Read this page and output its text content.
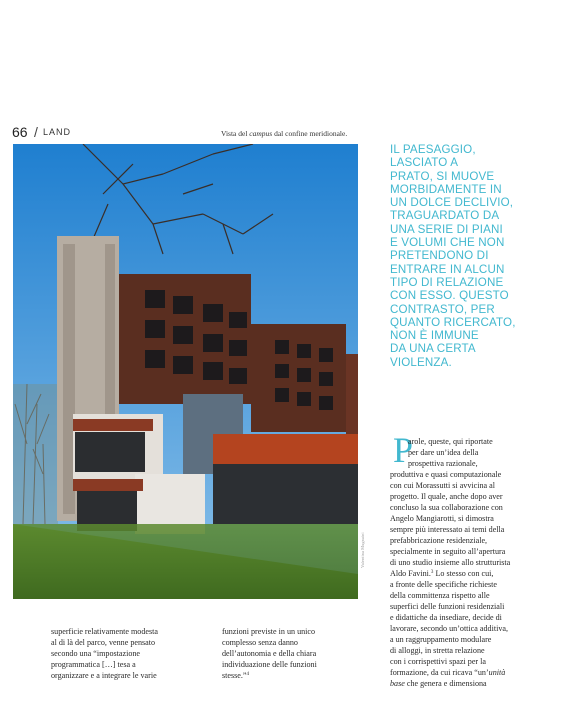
66 / LAND	Vista del campus dal confine meridionale.
Valentina Mugnaini
IL PAESAGGIO,
LASCIATO A
PRATO, SI MUOVE
MORBIDAMENTE IN
UN DOLCE DECLIVIO,
TRAGUARDATO DA
UNA SERIE DI PIANI
E VOLUMI CHE NON
PRETENDONO DI
ENTRARE IN ALCUN
TIPO DI RELAZIONE
CON ESSO. QUESTO
CONTRASTO, PER
QUANTO RICERCATO,
NON È IMMUNE
DA UNA CERTA
VIOLENZA.
P
arole, queste, qui riportate
per dare un’idea della
prospettiva razionale,
produttiva e quasi computazionale
con cui Morassutti si avvicina al
progetto. Il quale, anche dopo aver
concluso la sua collaborazione con
Angelo Mangiarotti, si dimostra
sempre più interessato ai temi della
prefabbricazione residenziale,
specialmente in seguito all’apertura
di uno studio insieme allo strutturista
Aldo Favini.$^3$ Lo stesso con cui,
a fronte delle specifiche richieste
della committenza rispetto alle
superfici delle funzioni residenziali
e didattiche da insediare, decide di
lavorare, secondo un’ottica additiva,
a un raggruppamento modulare
di alloggi, in stretta relazione
con i corrispettivi spazi per la
formazione, da cui ricava “un’unità
base che genera e dimensiona
superficie relativamente modesta
al di là del parco, venne pensato
secondo una “impostazione
programmatica […] tesa a
organizzare e a integrare le varie
funzioni previste in un unico
complesso senza danno
dell’autonomia e della chiara
individuazione delle funzioni
stesse.”$^4$
